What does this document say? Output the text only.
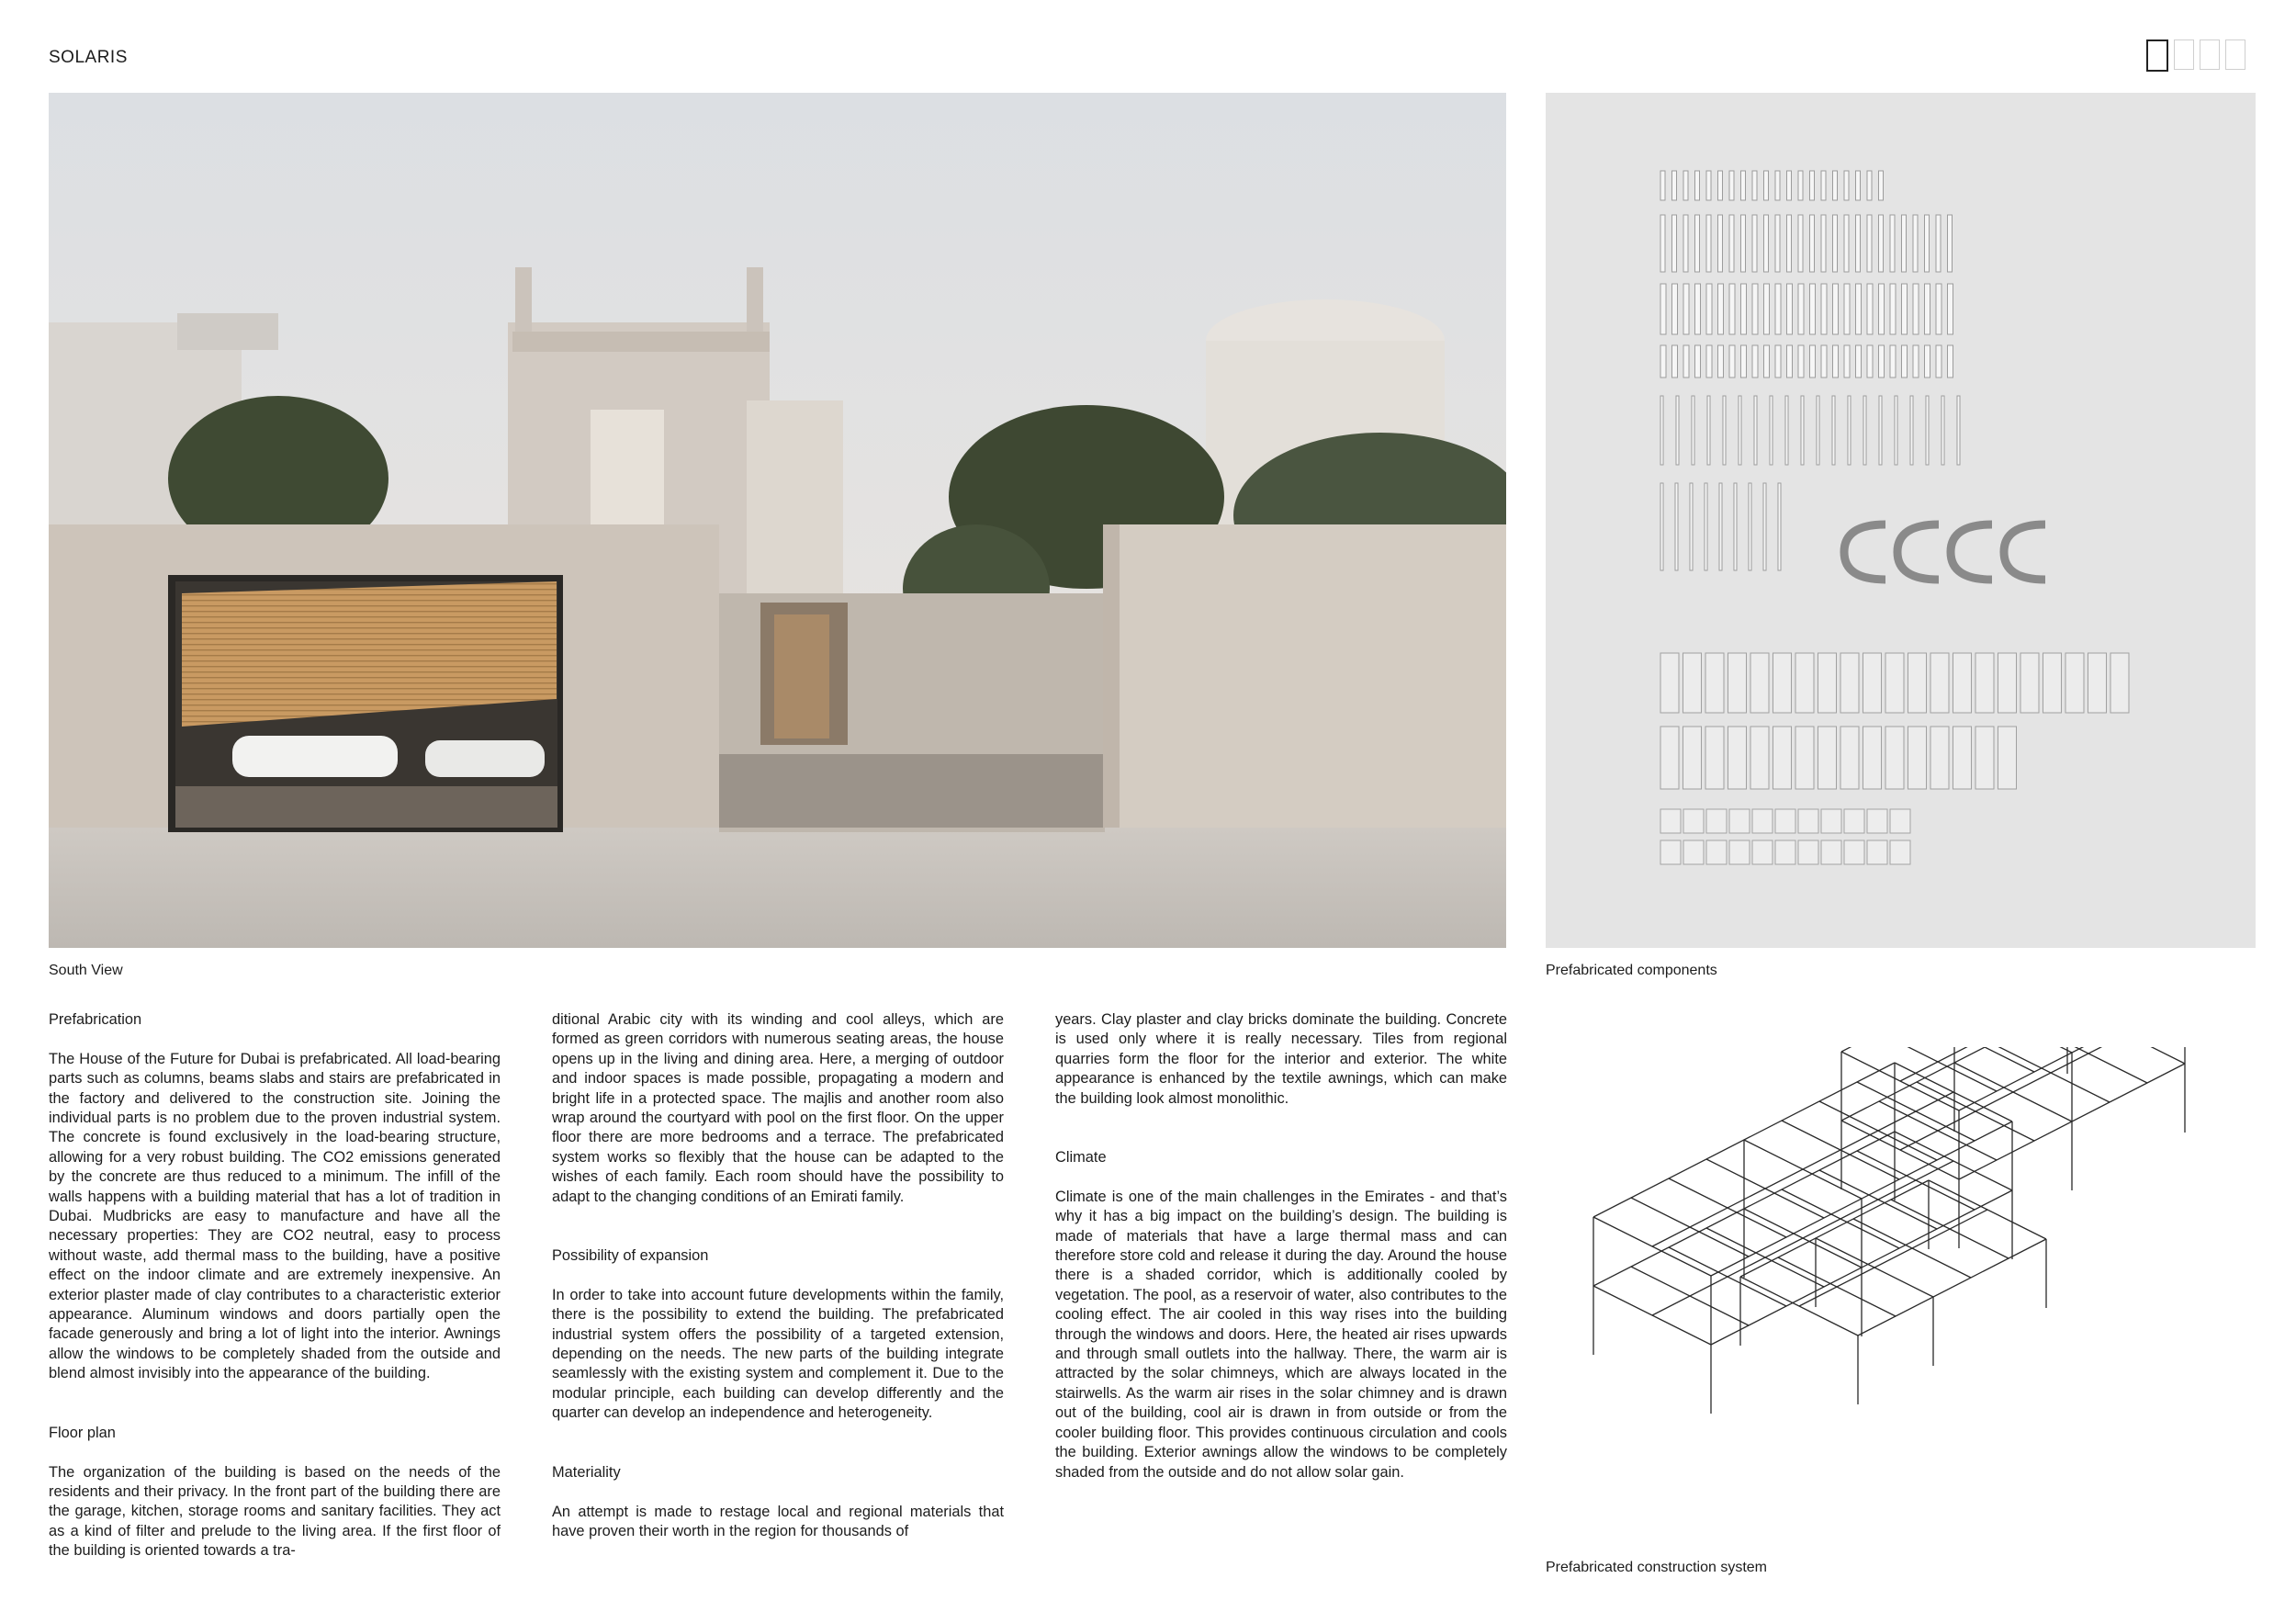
SOLARIS
South View	Prefabricated components
Prefabricated construction system
Prefabrication

The House of the Future for Dubai is prefabricated. All load-bearing parts such as columns, beams slabs and stairs are prefabricated in the factory and delivered to the construction site. Joining the individual parts is no problem due to the proven industrial system. The concrete is found exclusively in the load-bearing structure, allowing for a very robust building. The CO2 emissions generated by the concrete are thus reduced to a minimum. The infill of the walls happens with a building material that has a lot of tradition in Dubai. Mudbricks are easy to manufacture and have all the necessary properties: They are CO2 neutral, easy to process without waste, add thermal mass to the building, have a positive effect on the indoor climate and are extremely inexpensive. An exterior plaster made of clay contributes to a characteristic exterior appearance. Aluminum windows and doors partially open the facade generously and bring a lot of light into the interior. Awnings allow the windows to be completely shaded from the outside and blend almost invisibly into the appearance of the building.

Floor plan

The organization of the building is based on the needs of the residents and their privacy. In the front part of the building there are the garage, kitchen, storage rooms and sanitary facilities. They act as a kind of filter and prelude to the living area. If the first floor of the building is oriented towards a tra-

ditional Arabic city with its winding and cool alleys, which are formed as green corridors with numerous seating areas, the house opens up in the living and dining area. Here, a merging of outdoor and indoor spaces is made possible, propagating a modern and bright life in a protected space. The majlis and another room also wrap around the courtyard with pool on the first floor. On the upper floor there are more bedrooms and a terrace. The prefabricated system works so flexibly that the house can be adapted to the wishes of each family. Each room should have the possibility to adapt to the changing conditions of an Emirati family.

Possibility of expansion

In order to take into account future developments within the family, there is the possibility to extend the building. The prefabricated industrial system offers the possibility of a targeted extension, depending on the needs. The new parts of the building integrate seamlessly with the existing system and complement it. Due to the modular principle, each building can develop differently and the quarter can develop an independence and heterogeneity.

Materiality

An attempt is made to restage local and regional materials that have proven their worth in the region for thousands of

years. Clay plaster and clay bricks dominate the building. Concrete is used only where it is really necessary. Tiles from regional quarries form the floor for the interior and exterior. The white appearance is enhanced by the textile awnings, which can make the building look almost monolithic.

Climate

Climate is one of the main challenges in the Emirates - and that’s why it has a big impact on the building’s design. The building is made of materials that have a large thermal mass and can therefore store cold and release it during the day. Around the house there is a shaded corridor, which is additionally cooled by vegetation. The pool, as a reservoir of water, also contributes to the cooling effect. The air cooled in this way rises into the building through the windows and doors. Here, the heated air rises upwards and through small outlets into the hallway. There, the warm air is attracted by the solar chimneys, which are always located in the stairwells. As the warm air rises in the solar chimney and is drawn out of the building, cool air is drawn in from outside or from the cooler building floor. This provides continuous circulation and cools the building. Exterior awnings allow the windows to be completely shaded from the outside and do not allow solar gain.
